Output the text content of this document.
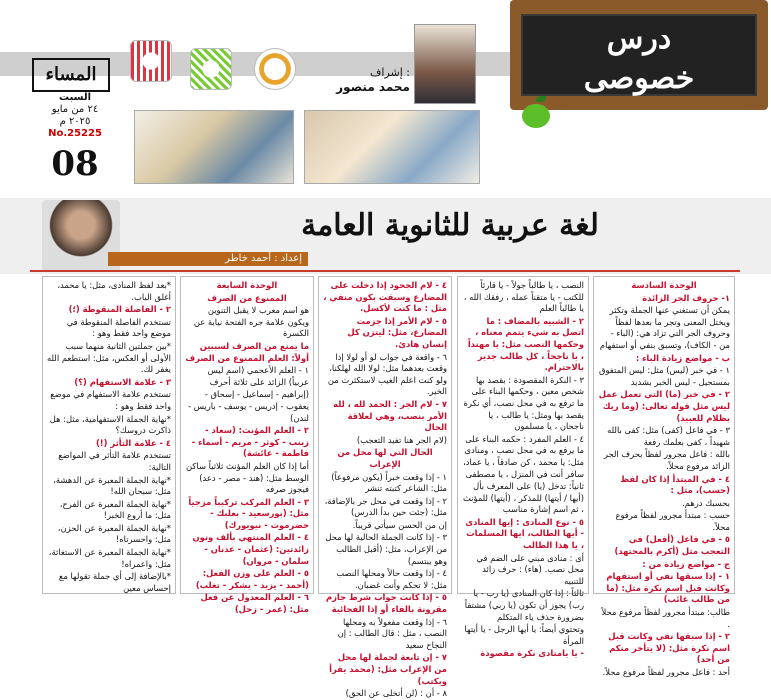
درس
خصوصى
إشراف :
محمد منصور
المساء
السبت
٢٤ من مايو
٢٠٢٥ م
No.25225
08
لغة عربية للثانوية العامة
إعداد : أحمد خاطر
الوحدة السادسة
١- حروف الجر الزائدة
يمكن أن تستغني عنها الجملة وتكثر ويختل المعنى وتجر ما بعدها لفظاً وحروف الجر التي تزاد هي: (الباء - من - الكاف)، وتسبق بنفي أو استفهام
ب - مواضع زيادة الباء :
١ - في خبر (ليس) مثل: ليس المتفوق بمستحيل - ليس الخبر بشديد
٢ - في خبر (ما) التي تعمل عمل ليس مثل قوله تعالى: (وما ربك بظلام للعبيد)
٣ - في فاعل (كفى) مثل: كفى بالله شهيداً ، كفى بعلمك رفعة
بالله : فاعل مجرور لفظاً بحرف الجر الزائد مرفوع محلاً.
٤ - في المبتدأ إذا كان لفظ (حسب)، مثل :
بحسبك درهم.
حسب : مبتدأ مجرور لفظاً مرفوع محلاً.
٥ - في فاعل (أفعل) في التعجب مثل (أكرم بالمجتهد)
ج - مواضع زيادة من :
١ - إذا سبقها نفي أو استفهام وكانت قبل اسم نكرة مثل: (ما من طالب غائب)
طالب: مبتدأ مجرور لفظاً مرفوع محلاً .
٢ - إذا سبقها نفي وكانت قبل اسم نكرة مثل: (لا يتأخر منكم من أحد)
أحد : فاعل مجرور لفظاً مرفوع محلاً.
النصب ، يا طالباً جولاً - يا قارئاً للكتب - يا متقناً عمله ، رفقك الله ، يا طالباً العلم
٢ - الشبيه بالمضاف : ما اتصل به شيء يتمم معناه ، وحكمها النصب مثل: يا مهنداً ، يا ناجحاً ، كل طالب جدير بالاحترام.
٣ - النكرة المقصودة : بقصد بها شخص معين ، وحكمها البناء على ما ترفع به في محل نصب، أي نكرة يقصد بها ومثل: يا طالب ، يا ناجحان ، يا مسلمون
٤ - العلم المفرد : حكمه البناء على ما يرفع به في محل نصب ، ومنادى مثل: يا محمد ، كن صادقاً ، يا عماد، سافر أنت في المنزل ، يا مصطفى
ثانياً: تدخل (يا) على المعرف بأل (أيها / أيتها) للمذكر ، (أيتها) للمؤنث ، ثم اسم إشارة مناسب
٥ - نوع المنادى : إيها المنادى - أيها الطالب، ايها المسلمات ، يا هذا الطالب
أى : منادى مبني على الضم في محل نصب. (هاء) : حرف زائد للتنبيه
ثالثاً : إذا كان المنادى (يا رب - يا رب) يجوز أن تكون (يا ربي) مشتقاً بضرورة حذف ياء المتكلم
وتحتوي أيضاً: يا أيها الرجل - يا أيتها المرأة
- يا يامنادى نكرة مقصودة
٤ - لام الجحود إذا دخلت على المضارع وسبقت بكون منفي ، مثل : ما كنت لأكسل.
٥ - لام الأمر إذا جزمت المضارع، مثل: ليتزن كل إنسان هادئ.
٦ - واقعة في جواب لو أو لولا إذا وقعت بعدهما مثل: لولا الله لهلكنا، ولو كنت اعلم الغيب لاستكثرت من الخير.
٧ - لام الجر : الحمد لله ، لله الأمر بنصب، وهي لعلاقة الحال
(لام الجر هنا تفيد التعجب)
الحال التي لها محل من الإعراب
١ - إذا وقعت خبراً (يكون مرفوعاً) مثل: الشاعر كتبته تنشر
٢ - إذا وقعت في محل جر بالإضافة، مثل: (جئت حين بدأ الدرس)
إن من الحسن سيأتي قريباً.
٣ - إذا كانت الجملة الحالية لها محل من الإعراب، مثل: (أقبل الطالب وهو يبتسم)
٤ - إذا وقعت حالاً ومحلها النصب مثل: لا تحكم وأنت غضبان.
٥ - إذا كانت جواب شرط جازم مقرونة بالفاء أو إذا الفجائية
٦ - إذا وقعت مفعولاً به ومحلها النصب ، مثل : قال الطالب : إن النجاح سعيد
٧ - إن تابعة لجملة لها محل من الإعراب مثل: (محمد يقرأ ويكتب)
٨ - أن : (لن أتخلى عن الحق)
الوحدة السابعة
الممنوع من الصرف
هو اسم معرب لا يقبل التنوين ويكون علامة جره الفتحة نيابة عن الكسرة
ما يمنع من الصرف لسببين أولاً: العلم الممنوع من الصرف
١ - العلم الأعجمي (اسم ليس عربياً) الزائد على ثلاثة أحرف
(إبراهيم - إسماعيل - إسحاق - يعقوب - إدريس - يوسف - باريس - لندن)
٢ - العلم المؤنث: (سعاد - زينب - كوثر - مريم - أسماء - فاطمة - عائشة)
أما إذا كان العلم المؤنث ثلاثياً ساكن الوسط مثل: (هند - مصر - دعد) فيجوز صرفه
٣ - العلم المركب تركيباً مزجياً مثل: (بورسعيد - بعلبك - حضرموت - نيويورك)
٤ - العلم المنتهي بألف ونون زائدتين: (عثمان - عدنان - سلمان - مروان)
٥ - العلم على وزن الفعل: (أحمد - يزيد - يشكر - تغلب)
٦ - العلم المعدول عن فعل مثل: (عمر - زحل)
*بعد لفظ المنادى، مثل: يا محمد، أغلق الباب.
٢ - الفاصلة المنقوطة (؛)
تستخدم الفاصلة المنقوطة في موضع واحد فقط وهو :
*بين جملتين الثانية منهما سبب الأولى أو العكس، مثل: استطعم الله يغفر لك.
٣ - علامة الاستفهام (؟)
تستخدم علامة الاستفهام في موضع واحد فقط وهو :
*نهاية الجملة الاستفهامية، مثل: هل ذاكرت دروسك؟
٤ - علامة التأثر (!)
تستخدم علامة التأثر في المواضع التالية:
*نهاية الجملة المعبرة عن الدهشة، مثل: سبحان الله!
*نهاية الجملة المعبرة عن الفرح، مثل: ما أروع الخبر!
*نهاية الجملة المعبرة عن الحزن، مثل: واحسرتاه!
*نهاية الجملة المعبرة عن الاستغاثة، مثل: واعمراه!
*بالإضافة إلى أي جملة تقولها مع إحساس معين
